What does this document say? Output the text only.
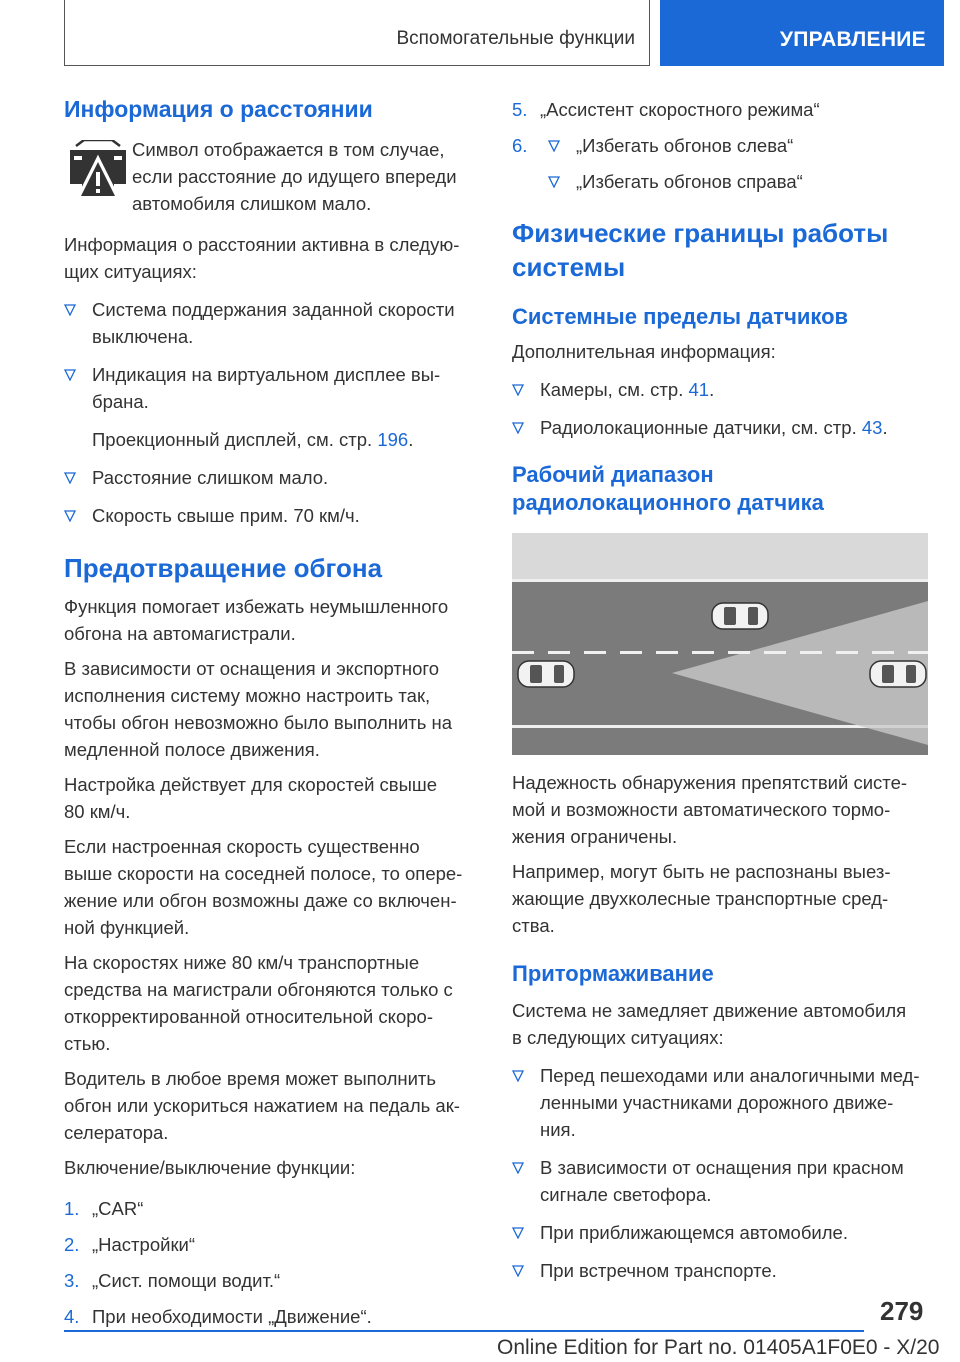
Вспомогательные функции	УПРАВЛЕНИЕ
Информация о расстоянии
Символ отображается в том случае,
если расстояние до идущего впереди
автомобиля слишком мало.
Информация о расстоянии активна в следую-
щих ситуациях:
Система поддержания заданной скорости
выключена.
Индикация на виртуальном дисплее вы-
брана.
Проекционный дисплей, см. стр. 196.
Расстояние слишком мало.
Скорость свыше прим. 70 км/ч.
Предотвращение обгона
Функция помогает избежать неумышленного
обгона на автомагистрали.
В зависимости от оснащения и экспортного
исполнения систему можно настроить так,
чтобы обгон невозможно было выполнить на
медленной полосе движения.
Настройка действует для скоростей свыше
80 км/ч.
Если настроенная скорость существенно
выше скорости на соседней полосе, то опере-
жение или обгон возможны даже со включен-
ной функцией.
На скоростях ниже 80 км/ч транспортные
средства на магистрали обгоняются только с
откорректированной относительной скоро-
стью.
Водитель в любое время может выполнить
обгон или ускориться нажатием на педаль ак-
селератора.
Включение/выключение функции:
1. „CAR“
2. „Настройки“
3. „Сист. помощи водит.“
4. При необходимости „Движение“.
5. „Ассистент скоростного режима“
6.	„Избегать обгонов слева“
„Избегать обгонов справа“
Физические границы работы
системы
Системные пределы датчиков
Дополнительная информация:
Камеры, см. стр. 41.
Радиолокационные датчики, см. стр. 43.
Рабочий диапазон
радиолокационного датчика
Надежность обнаружения препятствий систе-
мой и возможности автоматического тормо-
жения ограничены.
Например, могут быть не распознаны выез-
жающие двухколесные транспортные сред-
ства.
Притормаживание
Система не замедляет движение автомобиля
в следующих ситуациях:
Перед пешеходами или аналогичными мед-
ленными участниками дорожного движе-
ния.
В зависимости от оснащения при красном
сигнале светофора.
При приближающемся автомобиле.
При встречном транспорте.
279
Online Edition for Part no. 01405A1F0E0 - X/20
